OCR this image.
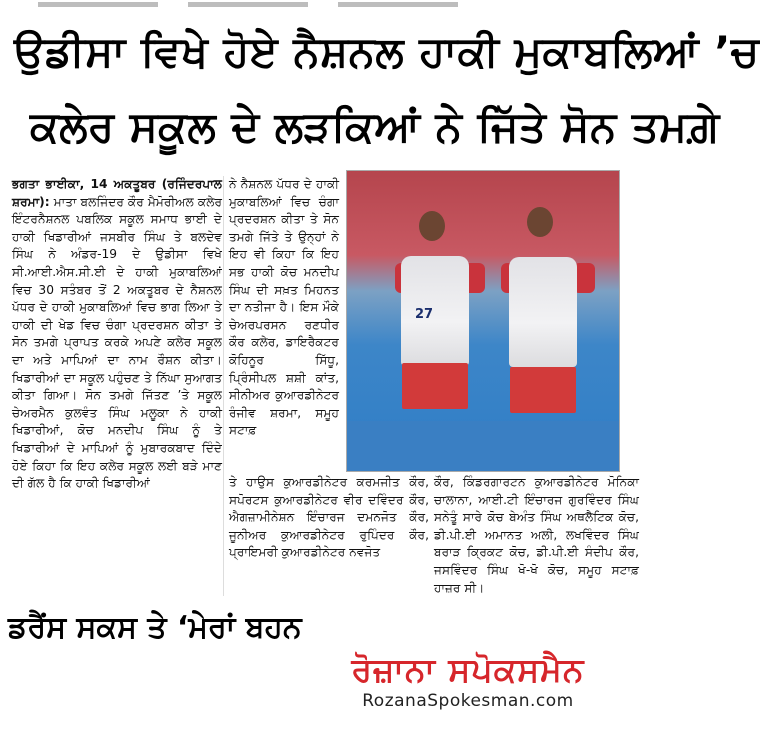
ਉਡੀਸਾ ਵਿਖੇ ਹੋਏ ਨੈਸ਼ਨਲ ਹਾਕੀ ਮੁਕਾਬਲਿਆਂ ’ਚ
ਕਲੇਰ ਸਕੂਲ ਦੇ ਲੜਕਿਆਂ ਨੇ ਜਿੱਤੇ ਸੋਨ ਤਮਗ਼ੇ

ਭਗਤਾ ਭਾਈਕਾ, 14 ਅਕਤੂਬਰ (ਰਜਿੰਦਰਪਾਲ ਸ਼ਰਮਾ): ਮਾਤਾ ਬਲਜਿੰਦਰ ਕੌਰ ਮੈਮੋਰੀਅਲ ਕਲੇਰ ਇੰਟਰਨੈਸ਼ਨਲ ਪਬਲਿਕ ਸਕੂਲ ਸਮਾਧ ਭਾਈ ਦੇ ਹਾਕੀ ਖਿਡਾਰੀਆਂ ਜਸਬੀਰ ਸਿੰਘ ਤੇ ਬਲਦੇਵ ਸਿੰਘ ਨੇ ਅੰਡਰ-19 ਦੇ ਉਡੀਸਾ ਵਿਖੇ ਸੀ.ਆਈ.ਐਸ.ਸੀ.ਈ ਦੇ ਹਾਕੀ ਮੁਕਾਬਲਿਆਂ ਵਿਚ 30 ਸਤੰਬਰ ਤੋਂ 2 ਅਕਤੂਬਰ ਦੇ ਨੈਸ਼ਨਲ ਪੱਧਰ ਦੇ ਹਾਕੀ ਮੁਕਾਬਲਿਆਂ ਵਿਚ ਭਾਗ ਲਿਆ ਤੇ ਹਾਕੀ ਦੀ ਖੇਡ ਵਿਚ ਚੰਗਾ ਪ੍ਰਦਰਸ਼ਨ ਕੀਤਾ ਤੇ ਸੋਨ ਤਮਗੇ ਪ੍ਰਾਪਤ ਕਰਕੇ ਅਪਣੇ ਕਲੇਰ ਸਕੂਲ ਦਾ ਅਤੇ ਮਾਪਿਆਂ ਦਾ ਨਾਮ ਰੌਸ਼ਨ ਕੀਤਾ। ਖਿਡਾਰੀਆਂ ਦਾ ਸਕੂਲ ਪਹੁੰਚਣ ਤੇ ਨਿੱਘਾ ਸੁਆਗਤ ਕੀਤਾ ਗਿਆ। ਸੋਨ ਤਮਗੇ ਜਿੱਤਣ ’ਤੇ ਸਕੂਲ ਚੇਅਰਮੈਨ ਕੁਲਵੰਤ ਸਿੰਘ ਮਲੂਕਾ ਨੇ ਹਾਕੀ ਖਿਡਾਰੀਆਂ, ਕੋਚ ਮਨਦੀਪ ਸਿੰਘ ਨੂੰ ਤੇ ਖਿਡਾਰੀਆਂ ਦੇ ਮਾਪਿਆਂ ਨੂੰ ਮੁਬਾਰਕਬਾਦ ਦਿੰਦੇ ਹੋਏ ਕਿਹਾ ਕਿ ਇਹ ਕਲੇਰ ਸਕੂਲ ਲਈ ਬੜੇ ਮਾਣ ਦੀ ਗੱਲ ਹੈ ਕਿ ਹਾਕੀ ਖਿਡਾਰੀਆਂ

ਨੇ ਨੈਸ਼ਨਲ ਪੱਧਰ ਦੇ ਹਾਕੀ ਮੁਕਾਬਲਿਆਂ ਵਿਚ ਚੰਗਾ ਪ੍ਰਦਰਸ਼ਨ ਕੀਤਾ ਤੇ ਸੋਨ ਤਮਗੇ ਜਿੱਤੇ ਤੇ ਉਨ੍ਹਾਂ ਨੇ ਇਹ ਵੀ ਕਿਹਾ ਕਿ ਇਹ ਸਭ ਹਾਕੀ ਕੋਚ ਮਨਦੀਪ ਸਿੰਘ ਦੀ ਸਖ਼ਤ ਮਿਹਨਤ ਦਾ ਨਤੀਜਾ ਹੈ। ਇਸ ਮੌਕੇ ਚੇਅਰਪਰਸਨ ਰਣਧੀਰ ਕੌਰ ਕਲੇਰ, ਡਾਇਰੈਕਟਰ ਕੋਹਿਨੂਰ ਸਿੱਧੂ, ਪ੍ਰਿੰਸੀਪਲ ਸ਼ਸ਼ੀ ਕਾਂਤ, ਸੀਨੀਅਰ ਕੁਆਰਡੀਨੇਟਰ ਰੰਜੀਵ ਸ਼ਰਮਾ, ਸਮੂਹ ਸਟਾਫ਼

27

ਤੇ ਹਾਉਸ ਕੁਆਰਡੀਨੇਟਰ ਕਰਮਜੀਤ ਕੌਰ, ਸਪੋਰਟਸ ਕੁਆਰਡੀਨੇਟਰ ਵੀਰ ਦਵਿੰਦਰ ਕੌਰ, ਐਗਜ਼ਾਮੀਨੇਸ਼ਨ ਇੰਚਾਰਜ ਦਮਨਜੋਤ ਕੌਰ, ਜੂਨੀਅਰ ਕੁਆਰਡੀਨੇਟਰ ਰੁਪਿੰਦਰ ਕੌਰ, ਪ੍ਰਾਇਮਰੀ ਕੁਆਰਡੀਨੇਟਰ ਨਵਜੋਤ

ਕੌਰ, ਕਿੰਡਰਗਾਰਟਨ ਕੁਆਰਡੀਨੇਟਰ ਮੋਨਿਕਾ ਚਾਲਾਨਾ, ਆਈ.ਟੀ ਇੰਚਾਰਜ ਗੁਰਵਿੰਦਰ ਸਿੰਘ ਸਨੇਤੂੰ ਸਾਰੇ ਕੋਚ ਬੇਅੰਤ ਸਿੰਘ ਅਥਲੈਟਿਕ ਕੋਚ, ਡੀ.ਪੀ.ਈ ਅਮਾਨਤ ਅਲੀ, ਲਖਵਿੰਦਰ ਸਿੰਘ ਬਰਾੜ ਕ੍ਰਿਕਟ ਕੋਚ, ਡੀ.ਪੀ.ਈ ਸੰਦੀਪ ਕੌਰ, ਜਸਵਿੰਦਰ ਸਿੰਘ ਖੋ-ਖੋ ਕੋਚ, ਸਮੂਹ ਸਟਾਫ਼ ਹਾਜ਼ਰ ਸੀ।

ਡਰੈਂਸ ਸਕਸ ਤੇ ‘ਮੇਰਾਂ ਬਹਨ
ਰੋਜ਼ਾਨਾ ਸਪੋਕਸਮੈਨ
RozanaSpokesman.com
